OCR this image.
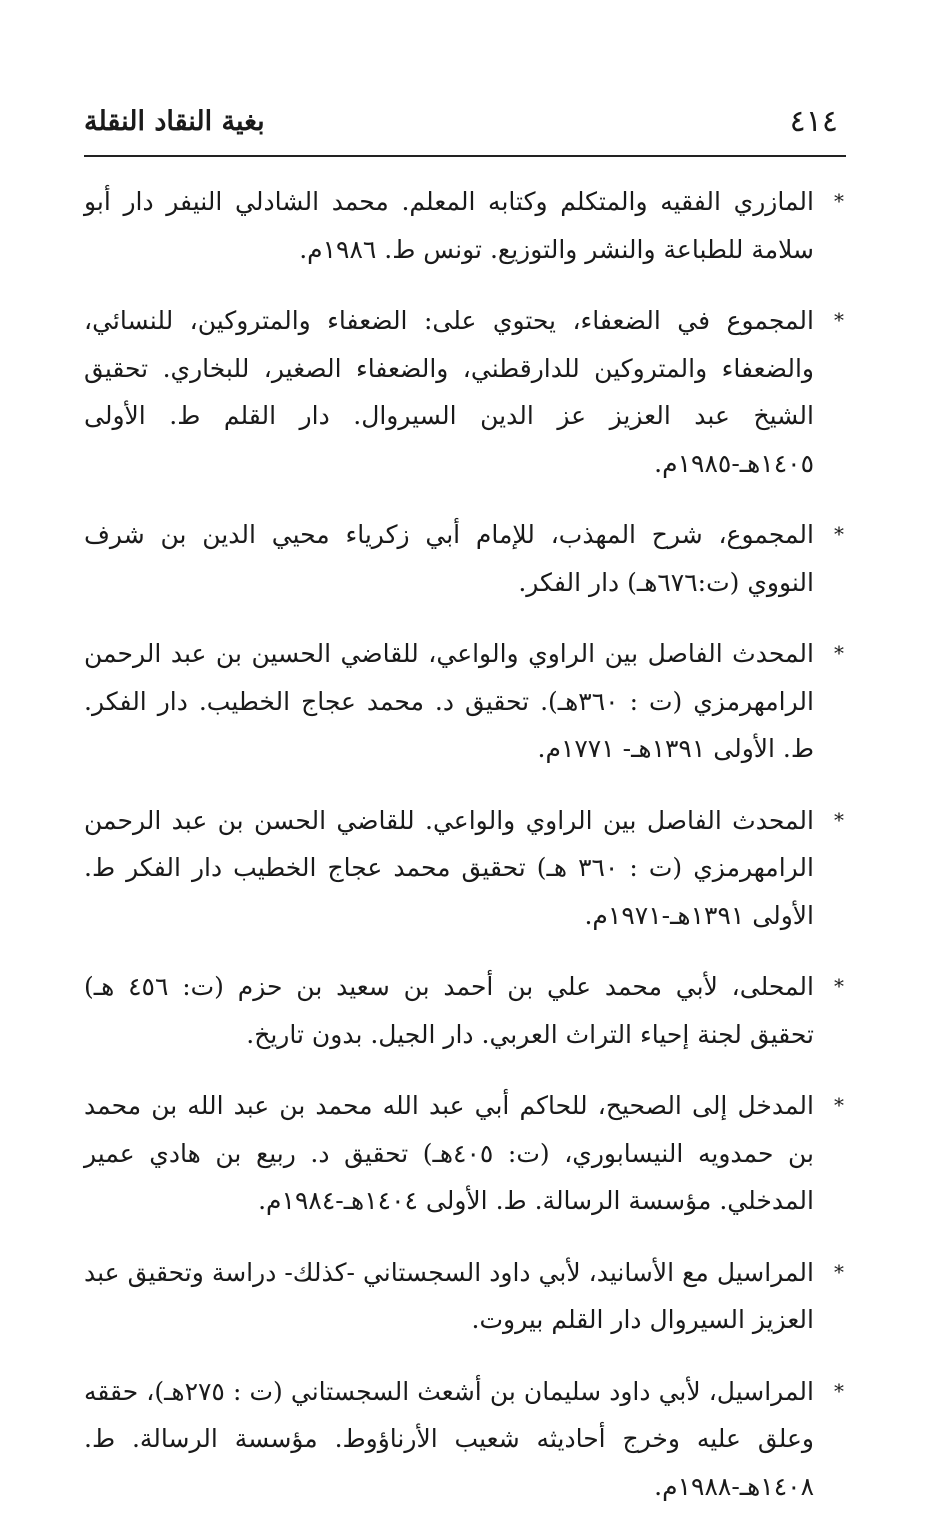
٤١٤
بغية النقاد النقلة
*
المازري الفقيه والمتكلم وكتابه المعلم. محمد الشادلي النيفر دار أبو سلامة للطباعة والنشر والتوزيع. تونس ط. ١٩٨٦م.
*
المجموع في الضعفاء، يحتوي على: الضعفاء والمتروكين، للنسائي، والضعفاء والمتروكين للدارقطني، والضعفاء الصغير، للبخاري. تحقيق الشيخ عبد العزيز عز الدين السيروال. دار القلم ط. الأولى ١٤٠٥هـ-١٩٨٥م.
*
المجموع، شرح المهذب، للإمام أبي زكرياء محيي الدين بن شرف النووي (ت:٦٧٦هـ) دار الفكر.
*
المحدث الفاصل بين الراوي والواعي، للقاضي الحسين بن عبد الرحمن الرامهرمزي (ت : ٣٦٠هـ). تحقيق د. محمد عجاج الخطيب. دار الفكر. ط. الأولى ١٣٩١هـ- ١٧٧١م.
*
المحدث الفاصل بين الراوي والواعي. للقاضي الحسن بن عبد الرحمن الرامهرمزي (ت : ٣٦٠ هـ) تحقيق محمد عجاج الخطيب دار الفكر ط. الأولى ١٣٩١هـ-١٩٧١م.
*
المحلى، لأبي محمد علي بن أحمد بن سعيد بن حزم (ت: ٤٥٦ هـ) تحقيق لجنة إحياء التراث العربي. دار الجيل. بدون تاريخ.
*
المدخل إلى الصحيح، للحاكم أبي عبد الله محمد بن عبد الله بن محمد بن حمدويه النيسابوري، (ت: ٤٠٥هـ) تحقيق د. ربيع بن هادي عمير المدخلي. مؤسسة الرسالة. ط. الأولى ١٤٠٤هـ-١٩٨٤م.
*
المراسيل مع الأسانيد، لأبي داود السجستاني -كذلك- دراسة وتحقيق عبد العزيز السيروال دار القلم بيروت.
*
المراسيل، لأبي داود سليمان بن أشعث السجستاني (ت : ٢٧٥هـ)، حققه وعلق عليه وخرج أحاديثه شعيب الأرناؤوط. مؤسسة الرسالة. ط. ١٤٠٨هـ-١٩٨٨م.
